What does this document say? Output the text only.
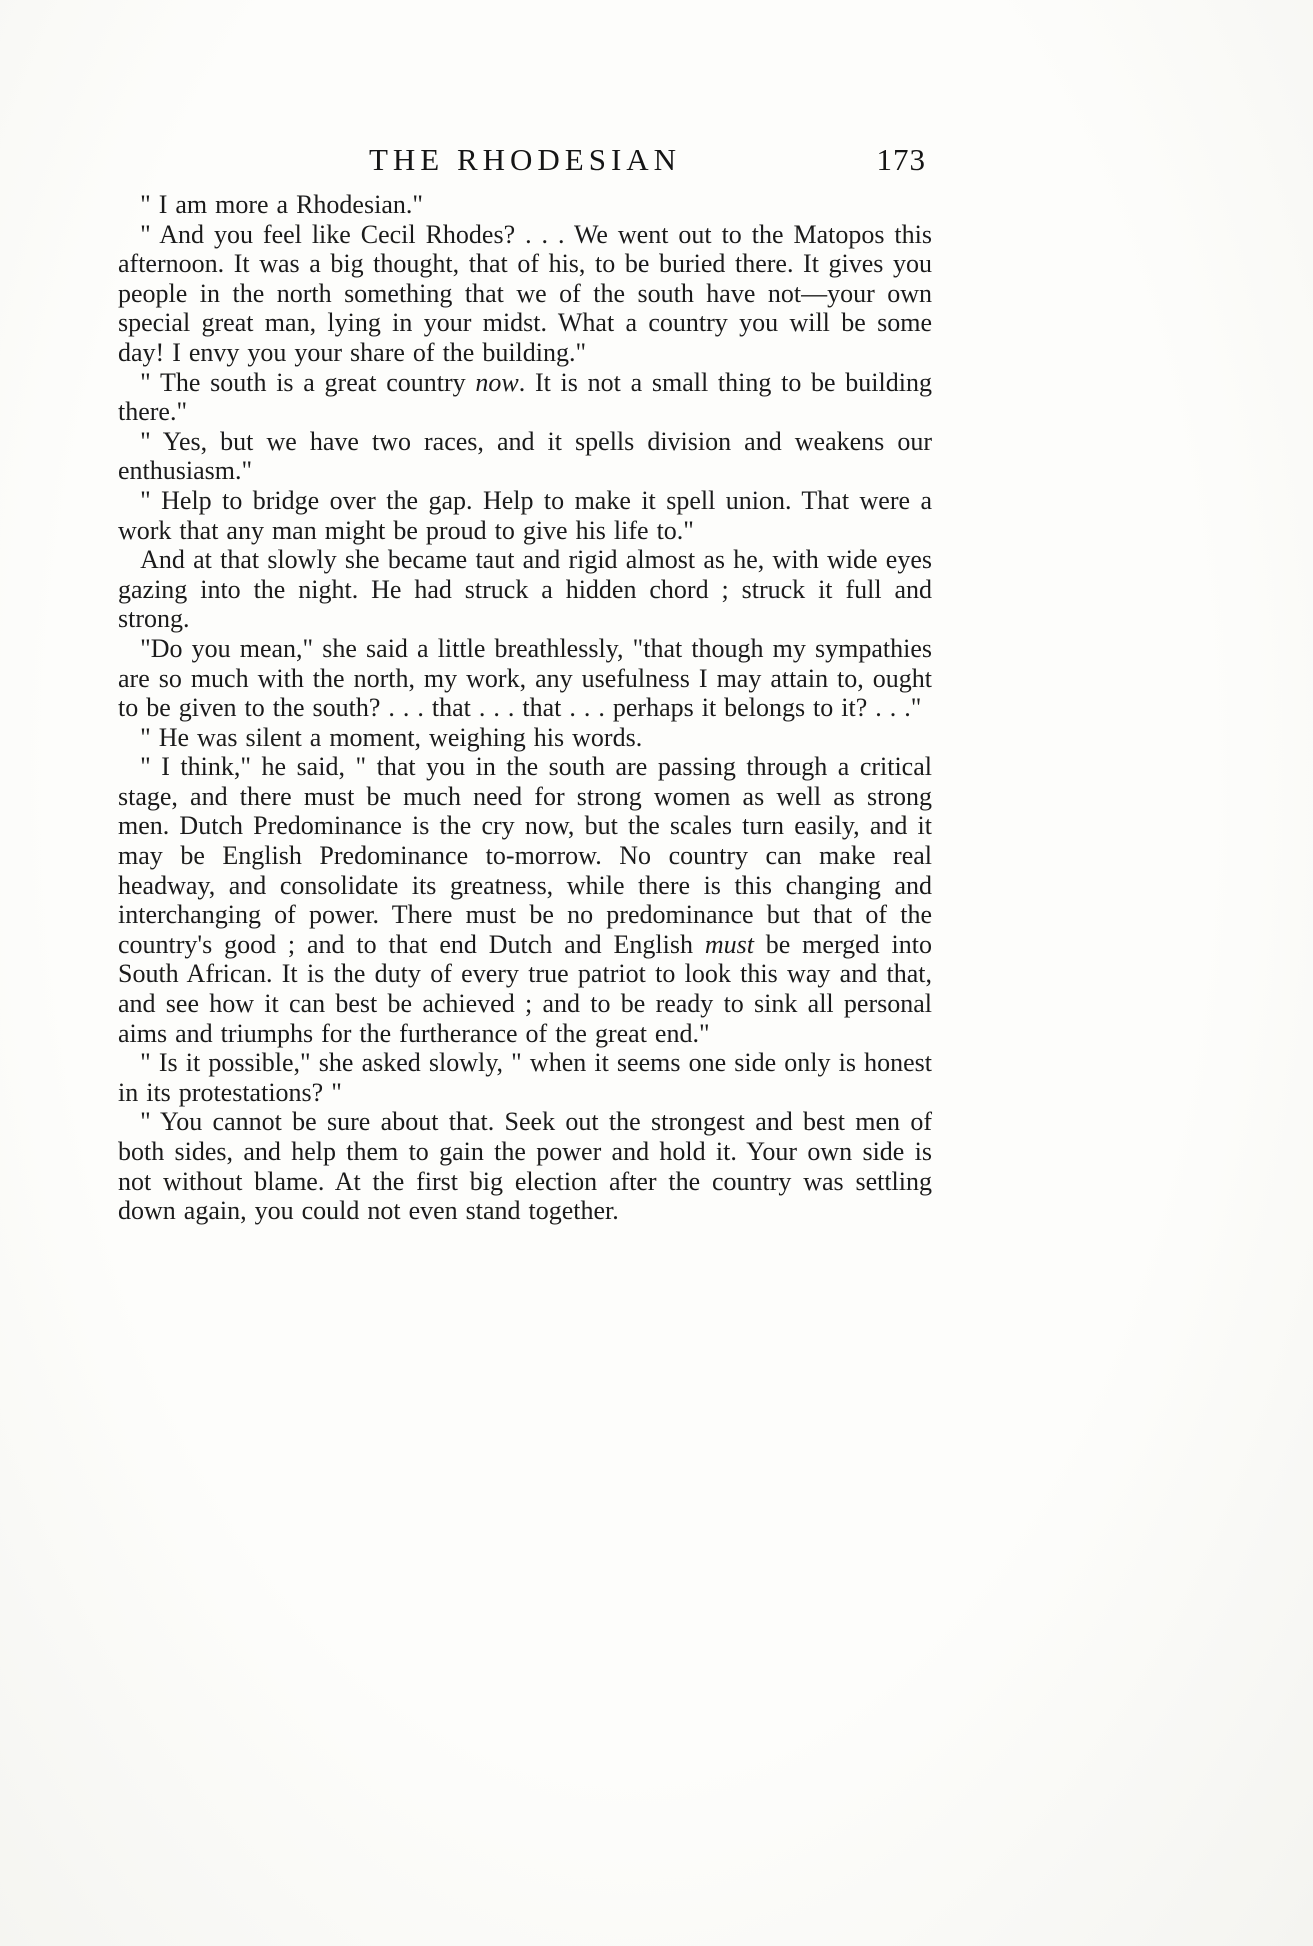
THE RHODESIAN	173

" I am more a Rhodesian."

" And you feel like Cecil Rhodes? . . . We went out to the Matopos this afternoon. It was a big thought, that of his, to be buried there. It gives you people in the north something that we of the south have not—your own special great man, lying in your midst. What a country you will be some day! I envy you your share of the building."

" The south is a great country now. It is not a small thing to be building there."

" Yes, but we have two races, and it spells division and weakens our enthusiasm."

" Help to bridge over the gap. Help to make it spell union. That were a work that any man might be proud to give his life to."

And at that slowly she became taut and rigid almost as he, with wide eyes gazing into the night. He had struck a hidden chord ; struck it full and strong.

"Do you mean," she said a little breathlessly, "that though my sympathies are so much with the north, my work, any usefulness I may attain to, ought to be given to the south? . . . that . . . that . . . perhaps it belongs to it? . . ."

" He was silent a moment, weighing his words.

" I think," he said, " that you in the south are passing through a critical stage, and there must be much need for strong women as well as strong men. Dutch Predominance is the cry now, but the scales turn easily, and it may be English Predominance to-morrow. No country can make real headway, and consolidate its greatness, while there is this changing and interchanging of power. There must be no predominance but that of the country's good ; and to that end Dutch and English must be merged into South African. It is the duty of every true patriot to look this way and that, and see how it can best be achieved ; and to be ready to sink all personal aims and triumphs for the furtherance of the great end."

" Is it possible," she asked slowly, " when it seems one side only is honest in its protestations? "

" You cannot be sure about that. Seek out the strongest and best men of both sides, and help them to gain the power and hold it. Your own side is not without blame. At the first big election after the country was settling down again, you could not even stand together.
